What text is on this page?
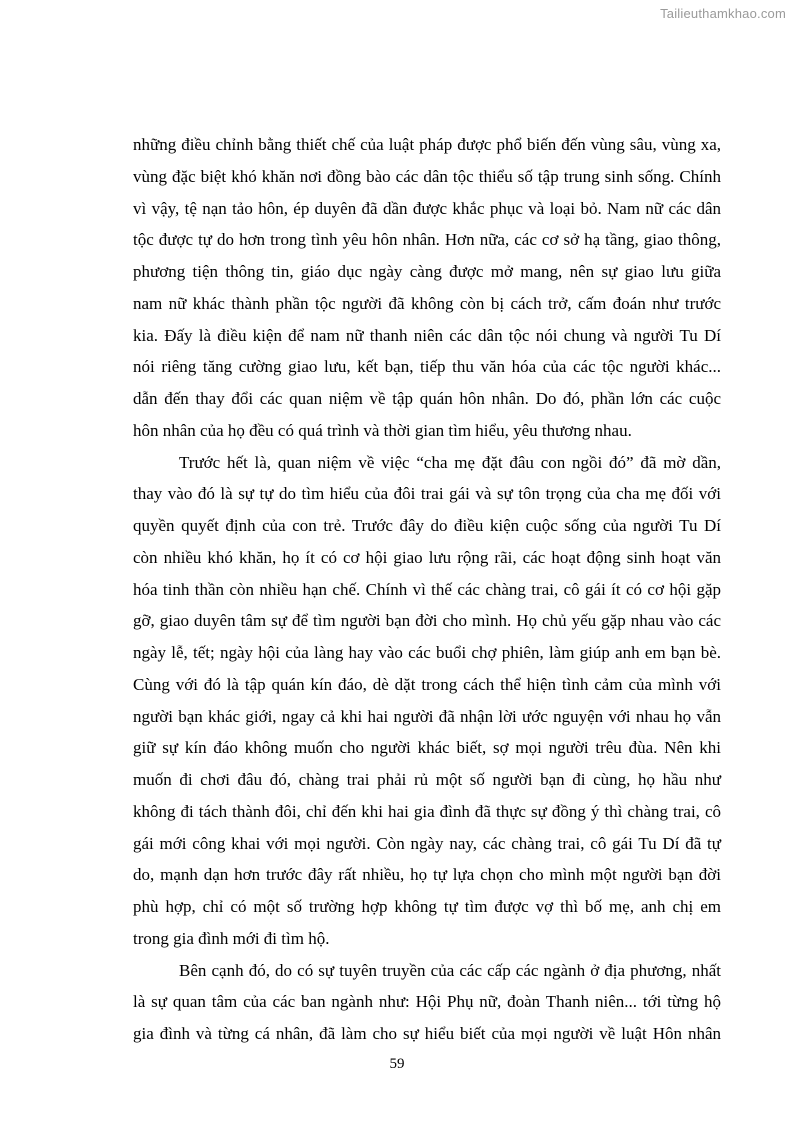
Tailieuthamkhao.com
những điều chỉnh bằng thiết chế của luật pháp được phổ biến đến vùng sâu, vùng xa,
vùng đặc biệt khó khăn nơi đồng bào các dân tộc thiểu số tập trung sinh sống. Chính
vì vậy, tệ nạn tảo hôn, ép duyên đã dần được khắc phục và loại bỏ. Nam nữ các dân
tộc được tự do hơn trong tình yêu hôn nhân. Hơn nữa, các cơ sở hạ tầng, giao thông,
phương tiện thông tin, giáo dục ngày càng được mở mang, nên sự giao lưu giữa
nam nữ khác thành phần tộc người đã không còn bị cách trở, cấm đoán như trước
kia. Đấy là điều kiện để nam nữ thanh niên các dân tộc nói chung và người Tu Dí
nói riêng tăng cường giao lưu, kết bạn, tiếp thu văn hóa của các tộc người khác...
dẫn đến thay đổi các quan niệm về tập quán hôn nhân. Do đó, phần lớn các cuộc
hôn nhân của họ đều có quá trình và thời gian tìm hiểu, yêu thương nhau.
Trước hết là, quan niệm về việc “cha mẹ đặt đâu con ngồi đó” đã mờ dần,
thay vào đó là sự tự do tìm hiểu của đôi trai gái và sự tôn trọng của cha mẹ đối với
quyền quyết định của con trẻ. Trước đây do điều kiện cuộc sống của người Tu Dí
còn nhiều khó khăn, họ ít có cơ hội giao lưu rộng rãi, các hoạt động sinh hoạt văn
hóa tinh thần còn nhiều hạn chế. Chính vì thế các chàng trai, cô gái ít có cơ hội gặp
gỡ, giao duyên tâm sự để tìm người bạn đời cho mình. Họ chủ yếu gặp nhau vào các
ngày lễ, tết; ngày hội của làng hay vào các buổi chợ phiên, làm giúp anh em bạn bè.
Cùng với đó là tập quán kín đáo, dè dặt trong cách thể hiện tình cảm của mình với
người bạn khác giới, ngay cả khi hai người đã nhận lời ước nguyện với nhau họ vẫn
giữ sự kín đáo không muốn cho người khác biết, sợ mọi người trêu đùa. Nên khi
muốn đi chơi đâu đó, chàng trai phải rủ một số người bạn đi cùng, họ hầu như
không đi tách thành đôi, chỉ đến khi hai gia đình đã thực sự đồng ý thì chàng trai, cô
gái mới công khai với mọi người. Còn ngày nay, các chàng trai, cô gái Tu Dí đã tự
do, mạnh dạn hơn trước đây rất nhiều, họ tự lựa chọn cho mình một người bạn đời
phù hợp, chỉ có một số trường hợp không tự tìm được vợ thì bố mẹ, anh chị em
trong gia đình mới đi tìm hộ.
Bên cạnh đó, do có sự tuyên truyền của các cấp các ngành ở địa phương, nhất
là sự quan tâm của các ban ngành như: Hội Phụ nữ, đoàn Thanh niên... tới từng hộ
gia đình và từng cá nhân, đã làm cho sự hiểu biết của mọi người về luật Hôn nhân
59
